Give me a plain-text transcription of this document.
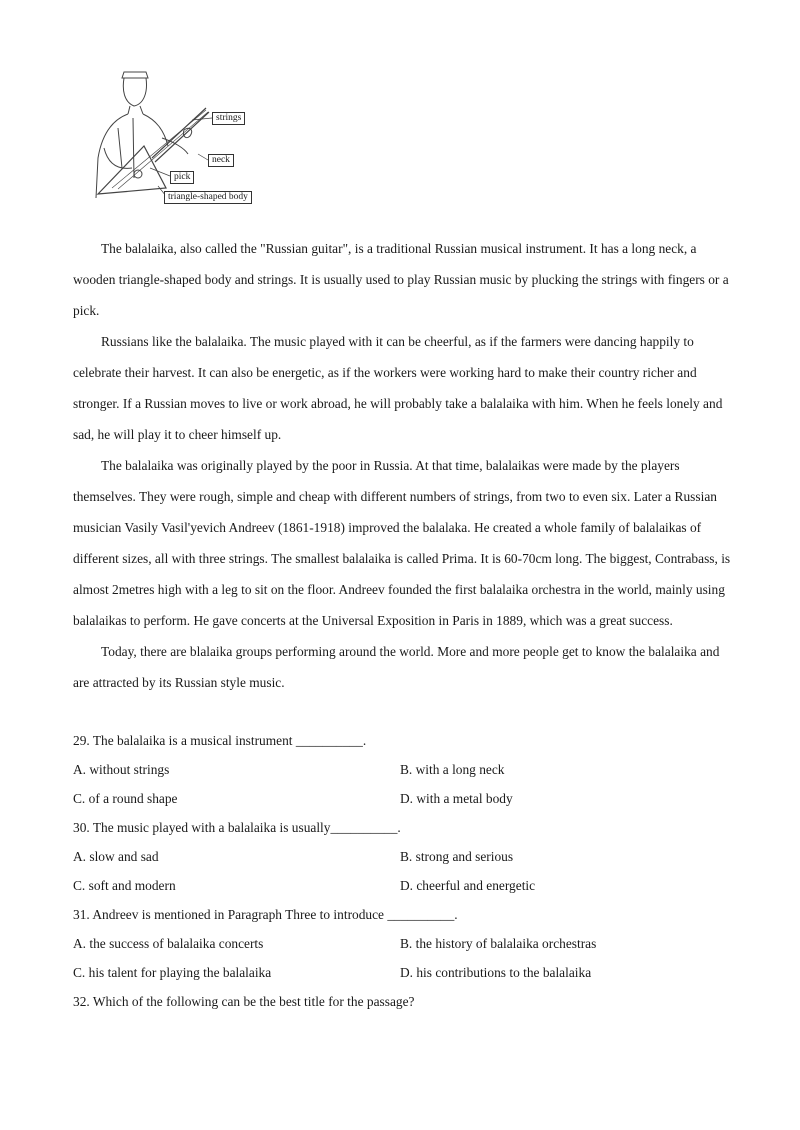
strings
neck
pick
triangle-shaped body

The balalaika, also called the "Russian guitar", is a traditional Russian musical instrument. It has a long neck, a wooden triangle-shaped body and strings. It is usually used to play Russian music by plucking the strings with fingers or a pick.

Russians like the balalaika. The music played with it can be cheerful, as if the farmers were dancing happily to celebrate their harvest. It can also be energetic, as if the workers were working hard to make their country richer and stronger. If a Russian moves to live or work abroad, he will probably take a balalaika with him. When he feels lonely and sad, he will play it to cheer himself up.

The balalaika was originally played by the poor in Russia. At that time, balalaikas were made by the players themselves. They were rough, simple and cheap with different numbers of strings, from two to even six. Later a Russian musician Vasily Vasil'yevich Andreev (1861-1918) improved the balalaka. He created a whole family of balalaikas of different sizes, all with three strings. The smallest balalaika is called Prima. It is 60-70cm long. The biggest, Contrabass, is almost 2metres high with a leg to sit on the floor. Andreev founded the first balalaika orchestra in the world, mainly using balalaikas to perform. He gave concerts at the Universal Exposition in Paris in 1889, which was a great success.

Today, there are blalaika groups performing around the world. More and more people get to know the balalaika and are attracted by its Russian style music.

29. The balalaika is a musical instrument __________.

A. without strings	B. with a long neck
C. of a round shape	D. with a metal body

30. The music played with a balalaika is usually__________.

A. slow and sad	B. strong and serious
C. soft and modern	D. cheerful and energetic

31. Andreev is mentioned in Paragraph Three to introduce __________.

A. the success of balalaika concerts	B. the history of balalaika orchestras
C. his talent for playing the balalaika	D. his contributions to the balalaika

32. Which of the following can be the best title for the passage?
